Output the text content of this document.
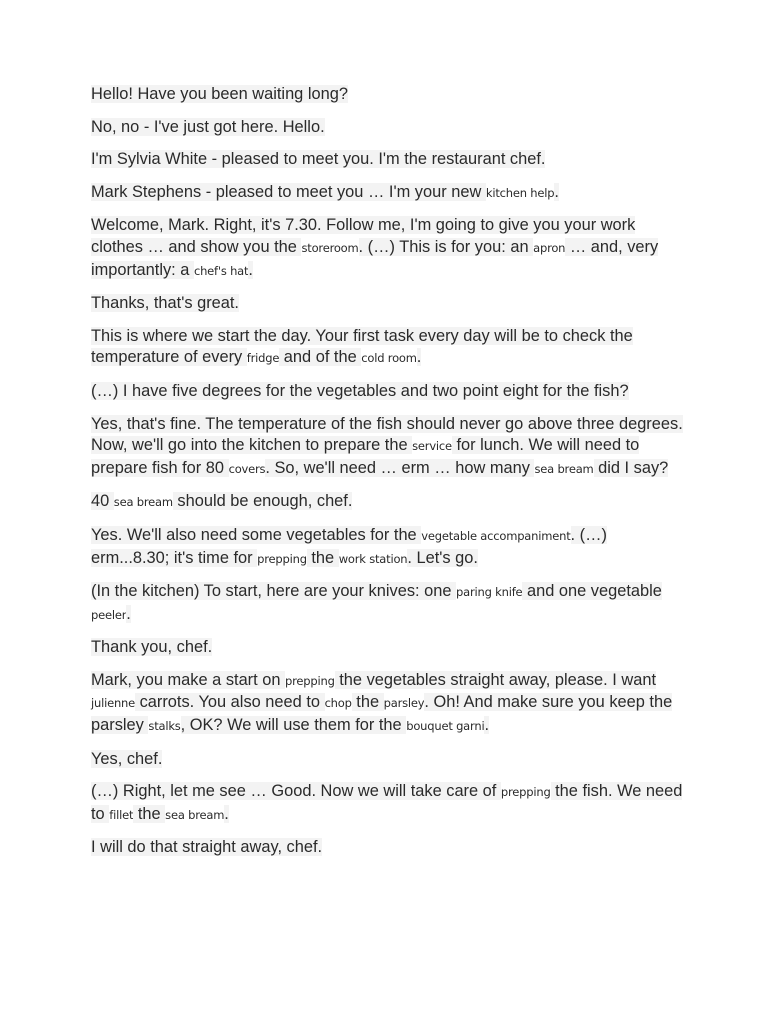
Hello! Have you been waiting long?

No, no - I've just got here. Hello.

I'm Sylvia White - pleased to meet you. I'm the restaurant chef.

Mark Stephens - pleased to meet you … I'm your new kitchen help.

Welcome, Mark. Right, it's 7.30. Follow me, I'm going to give you your work clothes … and show you the storeroom. (…) This is for you: an apron … and, very importantly: a chef's hat.

Thanks, that's great.

This is where we start the day. Your first task every day will be to check the temperature of every fridge and of the cold room.

(…) I have five degrees for the vegetables and two point eight for the fish?

Yes, that's fine. The temperature of the fish should never go above three degrees. Now, we'll go into the kitchen to prepare the service for lunch. We will need to prepare fish for 80 covers. So, we'll need … erm … how many sea bream did I say?

40 sea bream should be enough, chef.

Yes. We'll also need some vegetables for the vegetable accompaniment. (…) erm...8.30; it's time for prepping the work station. Let's go.

(In the kitchen) To start, here are your knives: one paring knife and one vegetable peeler.

Thank you, chef.

Mark, you make a start on prepping the vegetables straight away, please. I want julienne carrots. You also need to chop the parsley. Oh! And make sure you keep the parsley stalks, OK? We will use them for the bouquet garni.

Yes, chef.

(…) Right, let me see … Good. Now we will take care of prepping the fish. We need to fillet the sea bream.

I will do that straight away, chef.
